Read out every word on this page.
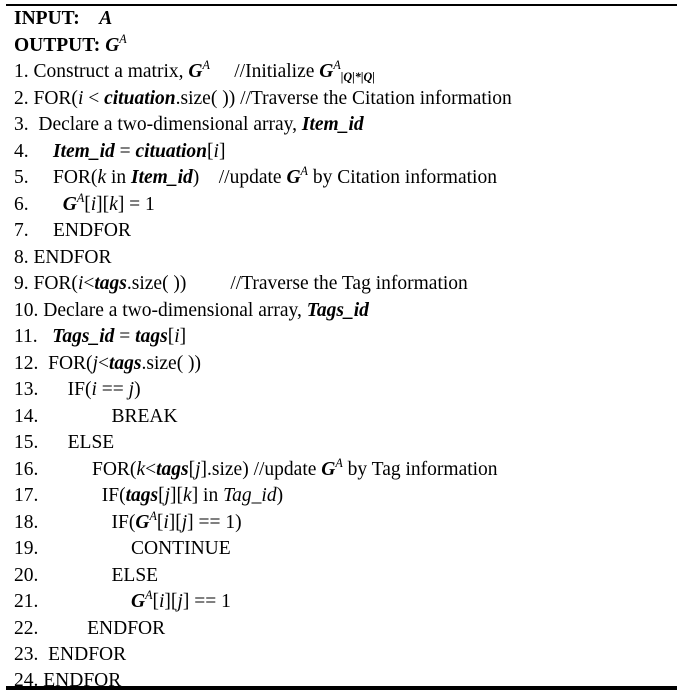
INPUT: A
OUTPUT: $G^A$
1. Construct a matrix, $G^A$ //Initialize $G^A_{|Q|*|Q|}$
2. FOR(i < cituation.size( )) //Traverse the Citation information
3. Declare a two-dimensional array, Item_id
4. Item_id = cituation[i]
5. FOR(k in Item_id)    //update $G^A$ by Citation information
6. $G^A[i][k] = 1$
7. ENDFOR
8. ENDFOR
9. FOR(i<tags.size( )) //Traverse the Tag information
10. Declare a two-dimensional array, Tags_id
11. Tags_id = tags[i]
12. FOR(j<tags.size( ))
13. IF(i == j)
14.	BREAK
15. ELSE
16.	FOR(k<tags[j].size) //update $G^A$ by Tag information
17.	IF(tags[j][k] in Tag_id)
18.	$IF(G^A[i][j] == 1)$
19.	CONTINUE
20.	ELSE
21.	$G^A[i][j] == 1$
22.	ENDFOR
23. ENDFOR
24. ENDFOR
